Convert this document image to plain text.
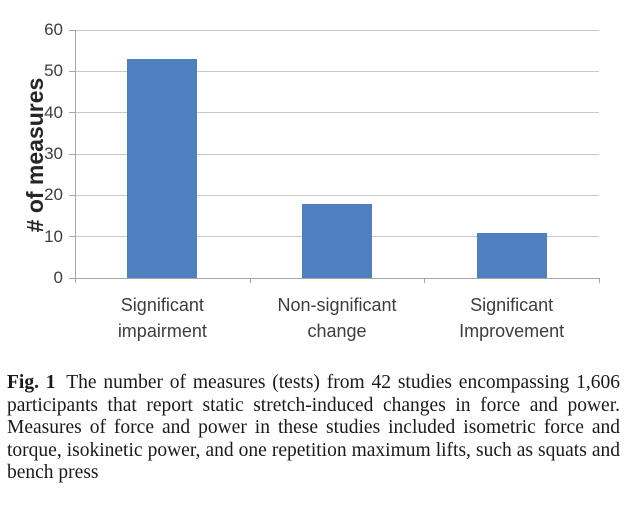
# of measures
0
10
20
30
40
50
60
Significant impairment
Non-significant change
Significant Improvement

Fig. 1 The number of measures (tests) from 42 studies encompassing 1,606 participants that report static stretch-induced changes in force and power. Measures of force and power in these studies included isometric force and torque, isokinetic power, and one repetition maximum lifts, such as squats and bench press
